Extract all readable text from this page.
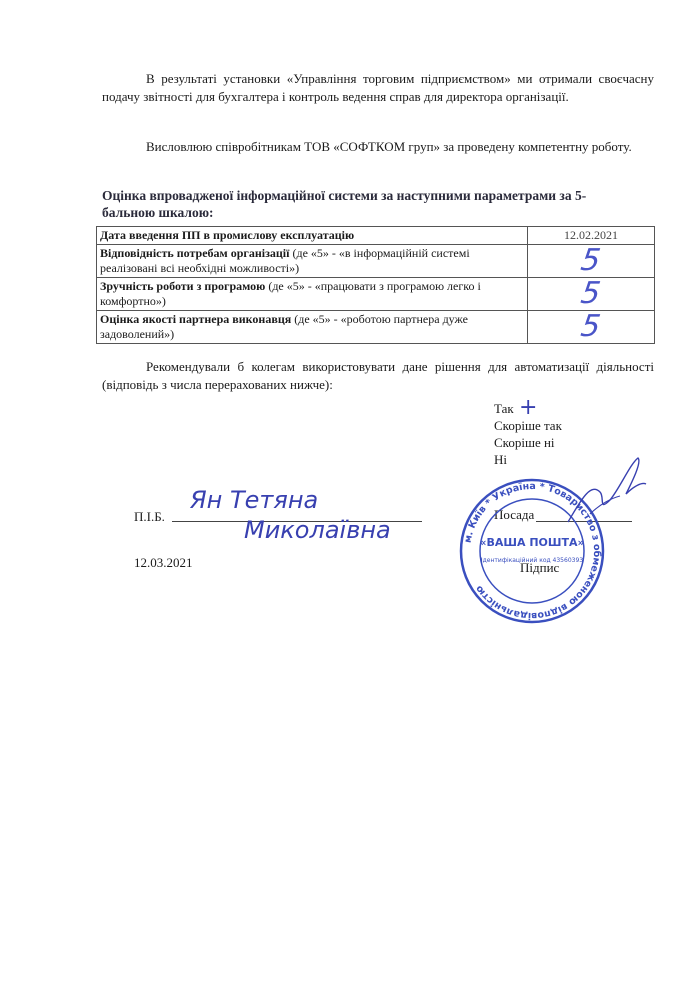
В результаті установки «Управління торговим підприємством» ми отримали своєчасну подачу звітності для бухгалтера і контроль ведення справ для директора організації.

Висловлюю співробітникам ТОВ «СОФТКОМ груп» за проведену компетентну роботу.

Оцінка впровадженої інформаційної системи за наступними параметрами за 5-бальною шкалою:

Дата введення ПП в промислову експлуатацію	12.02.2021
Відповідність потребам організації (де «5» - «в інформаційній системі реалізовані всі необхідні можливості»)	5
Зручність роботи з програмою (де «5» - «працювати з програмою легко і комфортно»)	5
Оцінка якості партнера виконавця (де «5» - «роботою партнера дуже задоволений»)	5

Рекомендували б колегам використовувати дане рішення для автоматизації діяльності (відповідь з числа перерахованих нижче):

Так +
Скоріше так
Скоріше ні
Ні
П.І.Б.
Ян Тетяна
Миколаївна
12.03.2021
Посада
Підпис
м. Київ * Україна * Товариство з обмеженою відповідальністю
«ВАША ПОШТА»
Ідентифікаційний код 43560393
